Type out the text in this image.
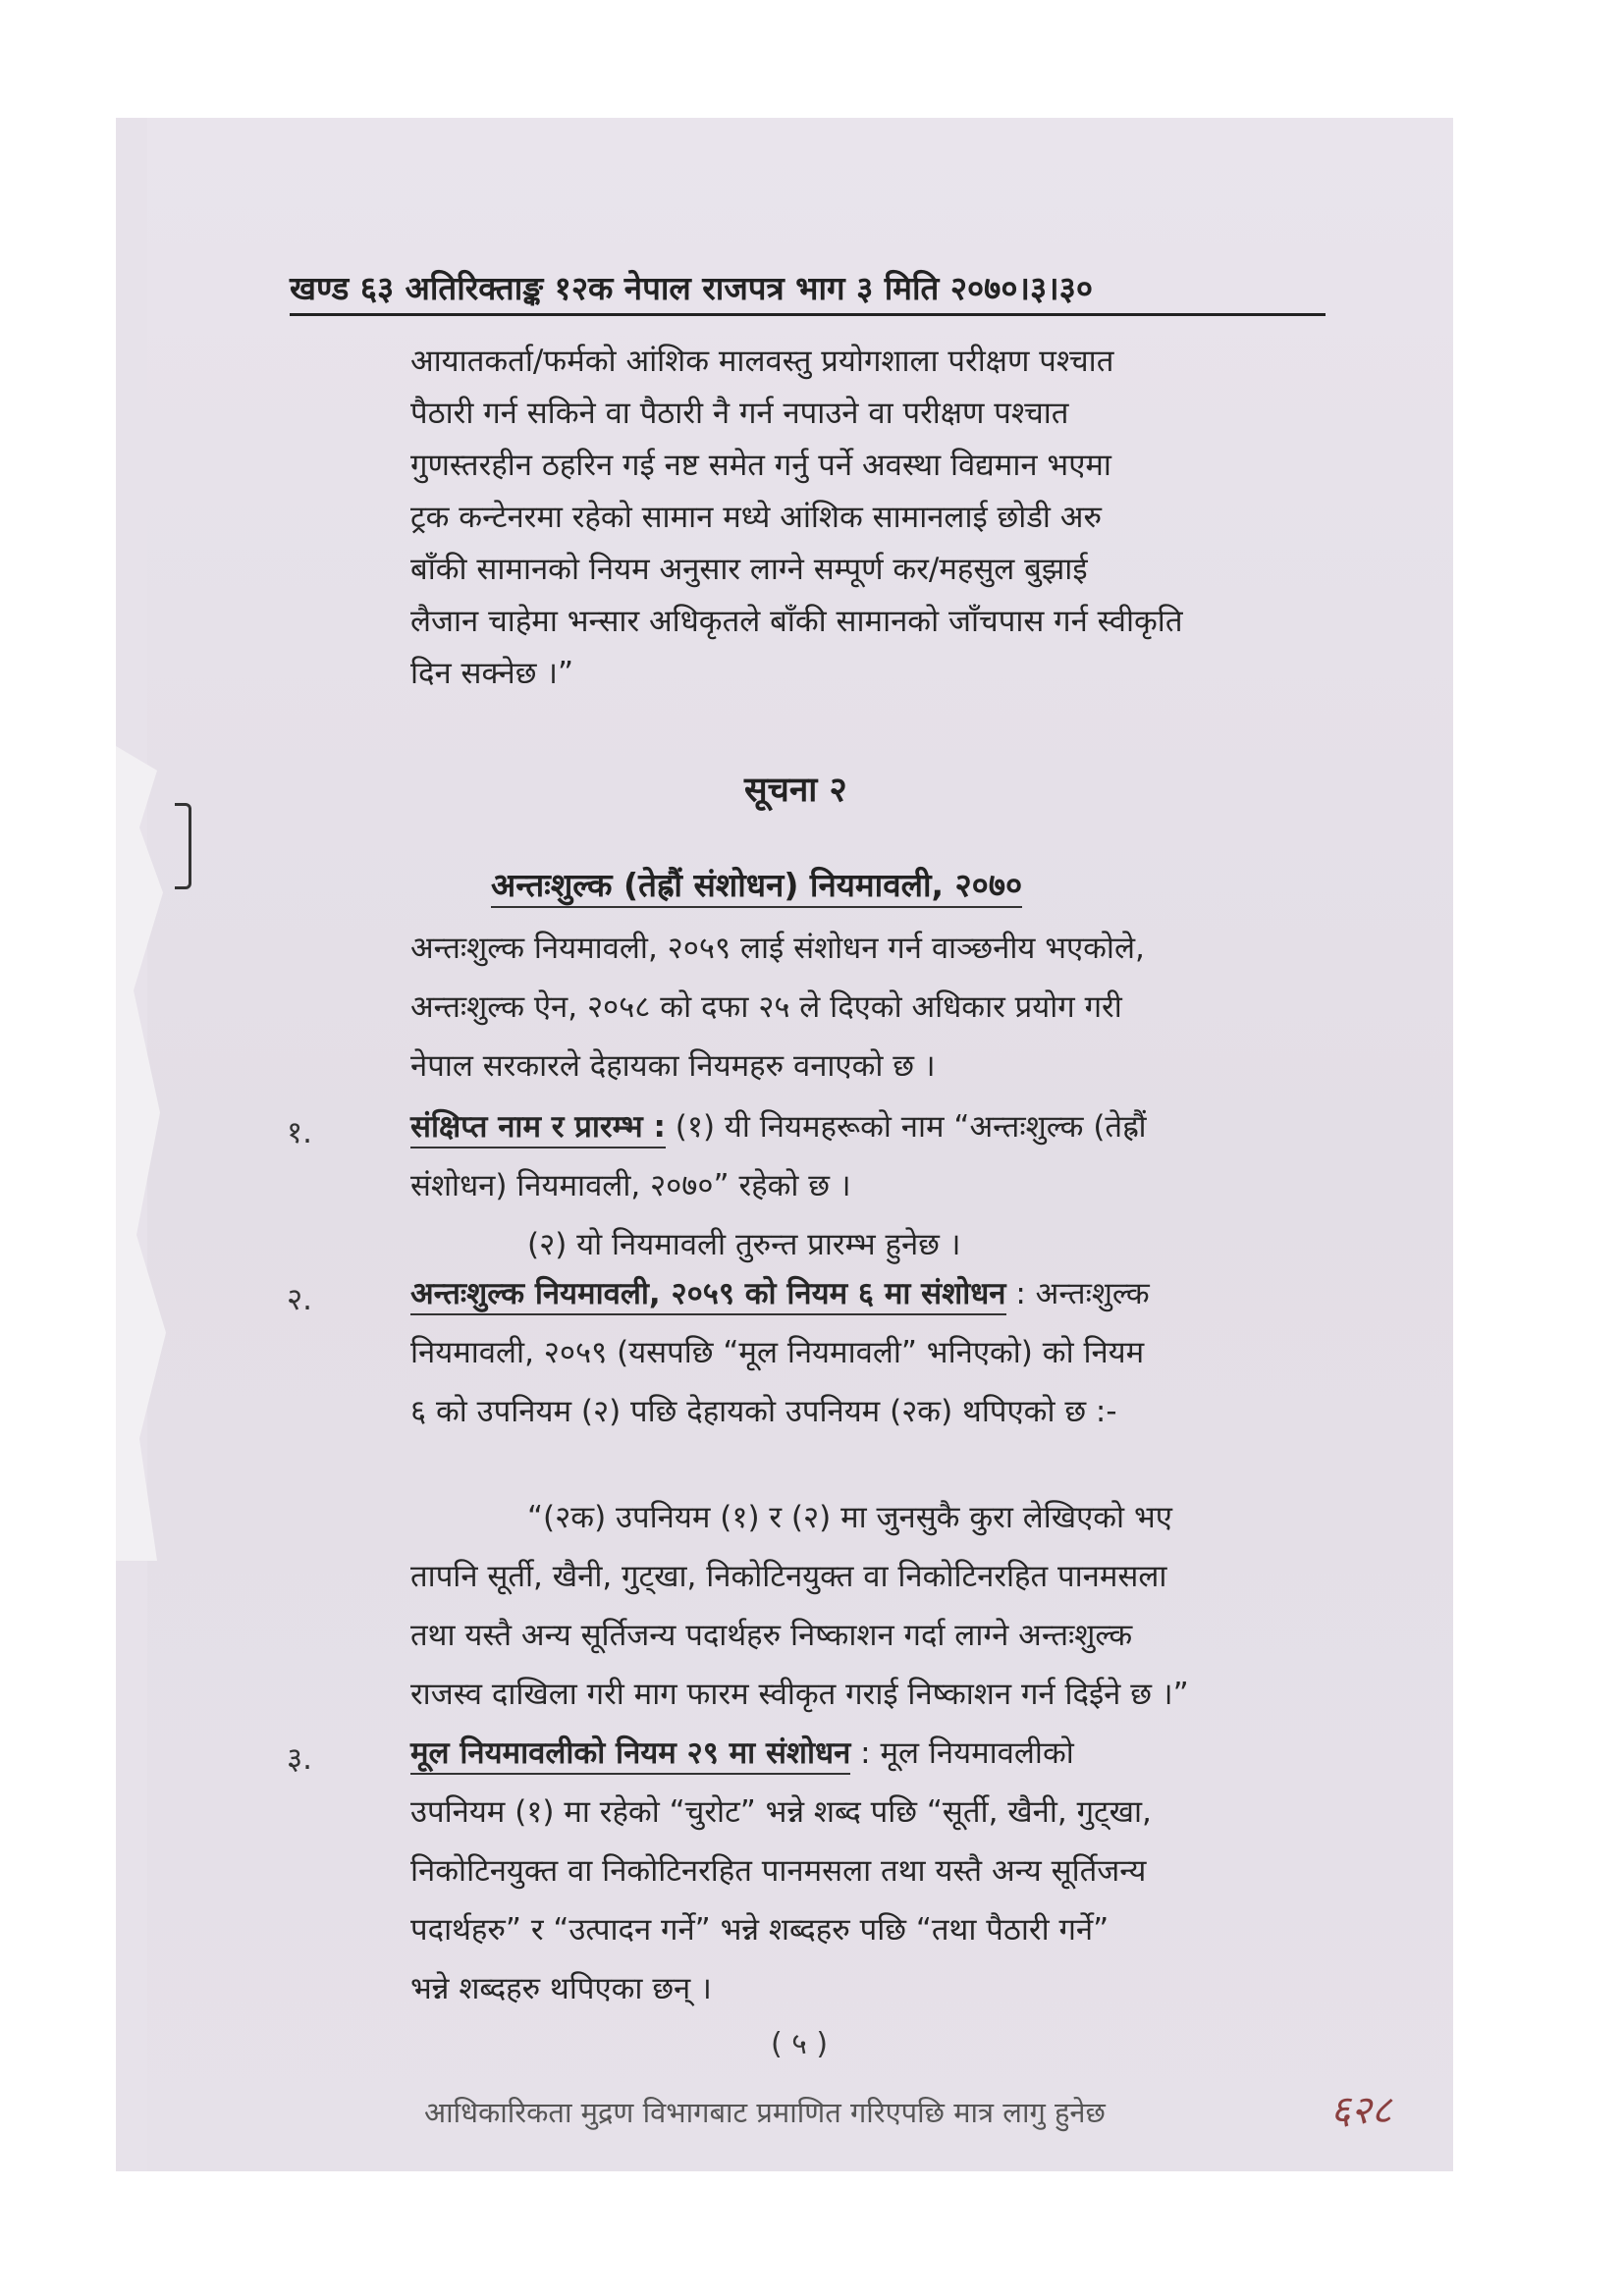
खण्ड ६३ अतिरिक्ताङ्क १२क नेपाल राजपत्र भाग ३ मिति २०७०।३।३०
आयातकर्ता/फर्मको आंशिक मालवस्तु प्रयोगशाला परीक्षण पश्चात
पैठारी गर्न सकिने वा पैठारी नै गर्न नपाउने वा परीक्षण पश्चात
गुणस्तरहीन ठहरिन गई नष्ट समेत गर्नु पर्ने अवस्था विद्यमान भएमा
ट्रक कन्टेनरमा रहेको सामान मध्ये आंशिक सामानलाई छोडी अरु
बाँकी सामानको नियम अनुसार लाग्ने सम्पूर्ण कर/महसुल बुझाई
लैजान चाहेमा भन्सार अधिकृतले बाँकी सामानको जाँचपास गर्न स्वीकृति
दिन सक्नेछ ।”
सूचना २
अन्तःशुल्क (तेह्रौं संशोधन) नियमावली, २०७०
अन्तःशुल्क नियमावली, २०५९ लाई संशोधन गर्न वाञ्छनीय भएकोले,
अन्तःशुल्क ऐन, २०५८ को दफा २५ ले दिएको अधिकार प्रयोग गरी
नेपाल सरकारले देहायका नियमहरु वनाएको छ ।
१.	संक्षिप्त नाम र प्रारम्भ : (१) यी नियमहरूको नाम “अन्तःशुल्क (तेह्रौं
संशोधन) नियमावली, २०७०” रहेको छ ।
(२) यो नियमावली तुरुन्त प्रारम्भ हुनेछ ।
२.	अन्तःशुल्क नियमावली, २०५९ को नियम ६ मा संशोधन : अन्तःशुल्क
नियमावली, २०५९ (यसपछि “मूल नियमावली” भनिएको) को नियम
६ को उपनियम (२) पछि देहायको उपनियम (२क) थपिएको छ :-
“(२क) उपनियम (१) र (२) मा जुनसुकै कुरा लेखिएको भए
तापनि सूर्ती, खैनी, गुट्खा, निकोटिनयुक्त वा निकोटिनरहित पानमसला
तथा यस्तै अन्य सूर्तिजन्य पदार्थहरु निष्काशन गर्दा लाग्ने अन्तःशुल्क
राजस्व दाखिला गरी माग फारम स्वीकृत गराई निष्काशन गर्न दिईने छ ।”
३.	मूल नियमावलीको नियम २९ मा संशोधन : मूल नियमावलीको
उपनियम (१) मा रहेको “चुरोट” भन्ने शब्द पछि “सूर्ती, खैनी, गुट्खा,
निकोटिनयुक्त वा निकोटिनरहित पानमसला तथा यस्तै अन्य सूर्तिजन्य
पदार्थहरु” र “उत्पादन गर्ने” भन्ने शब्दहरु पछि “तथा पैठारी गर्ने”
भन्ने शब्दहरु थपिएका छन् ।
( ५ )
आधिकारिकता मुद्रण विभागबाट प्रमाणित गरिएपछि मात्र लागु हुनेछ	६२८
